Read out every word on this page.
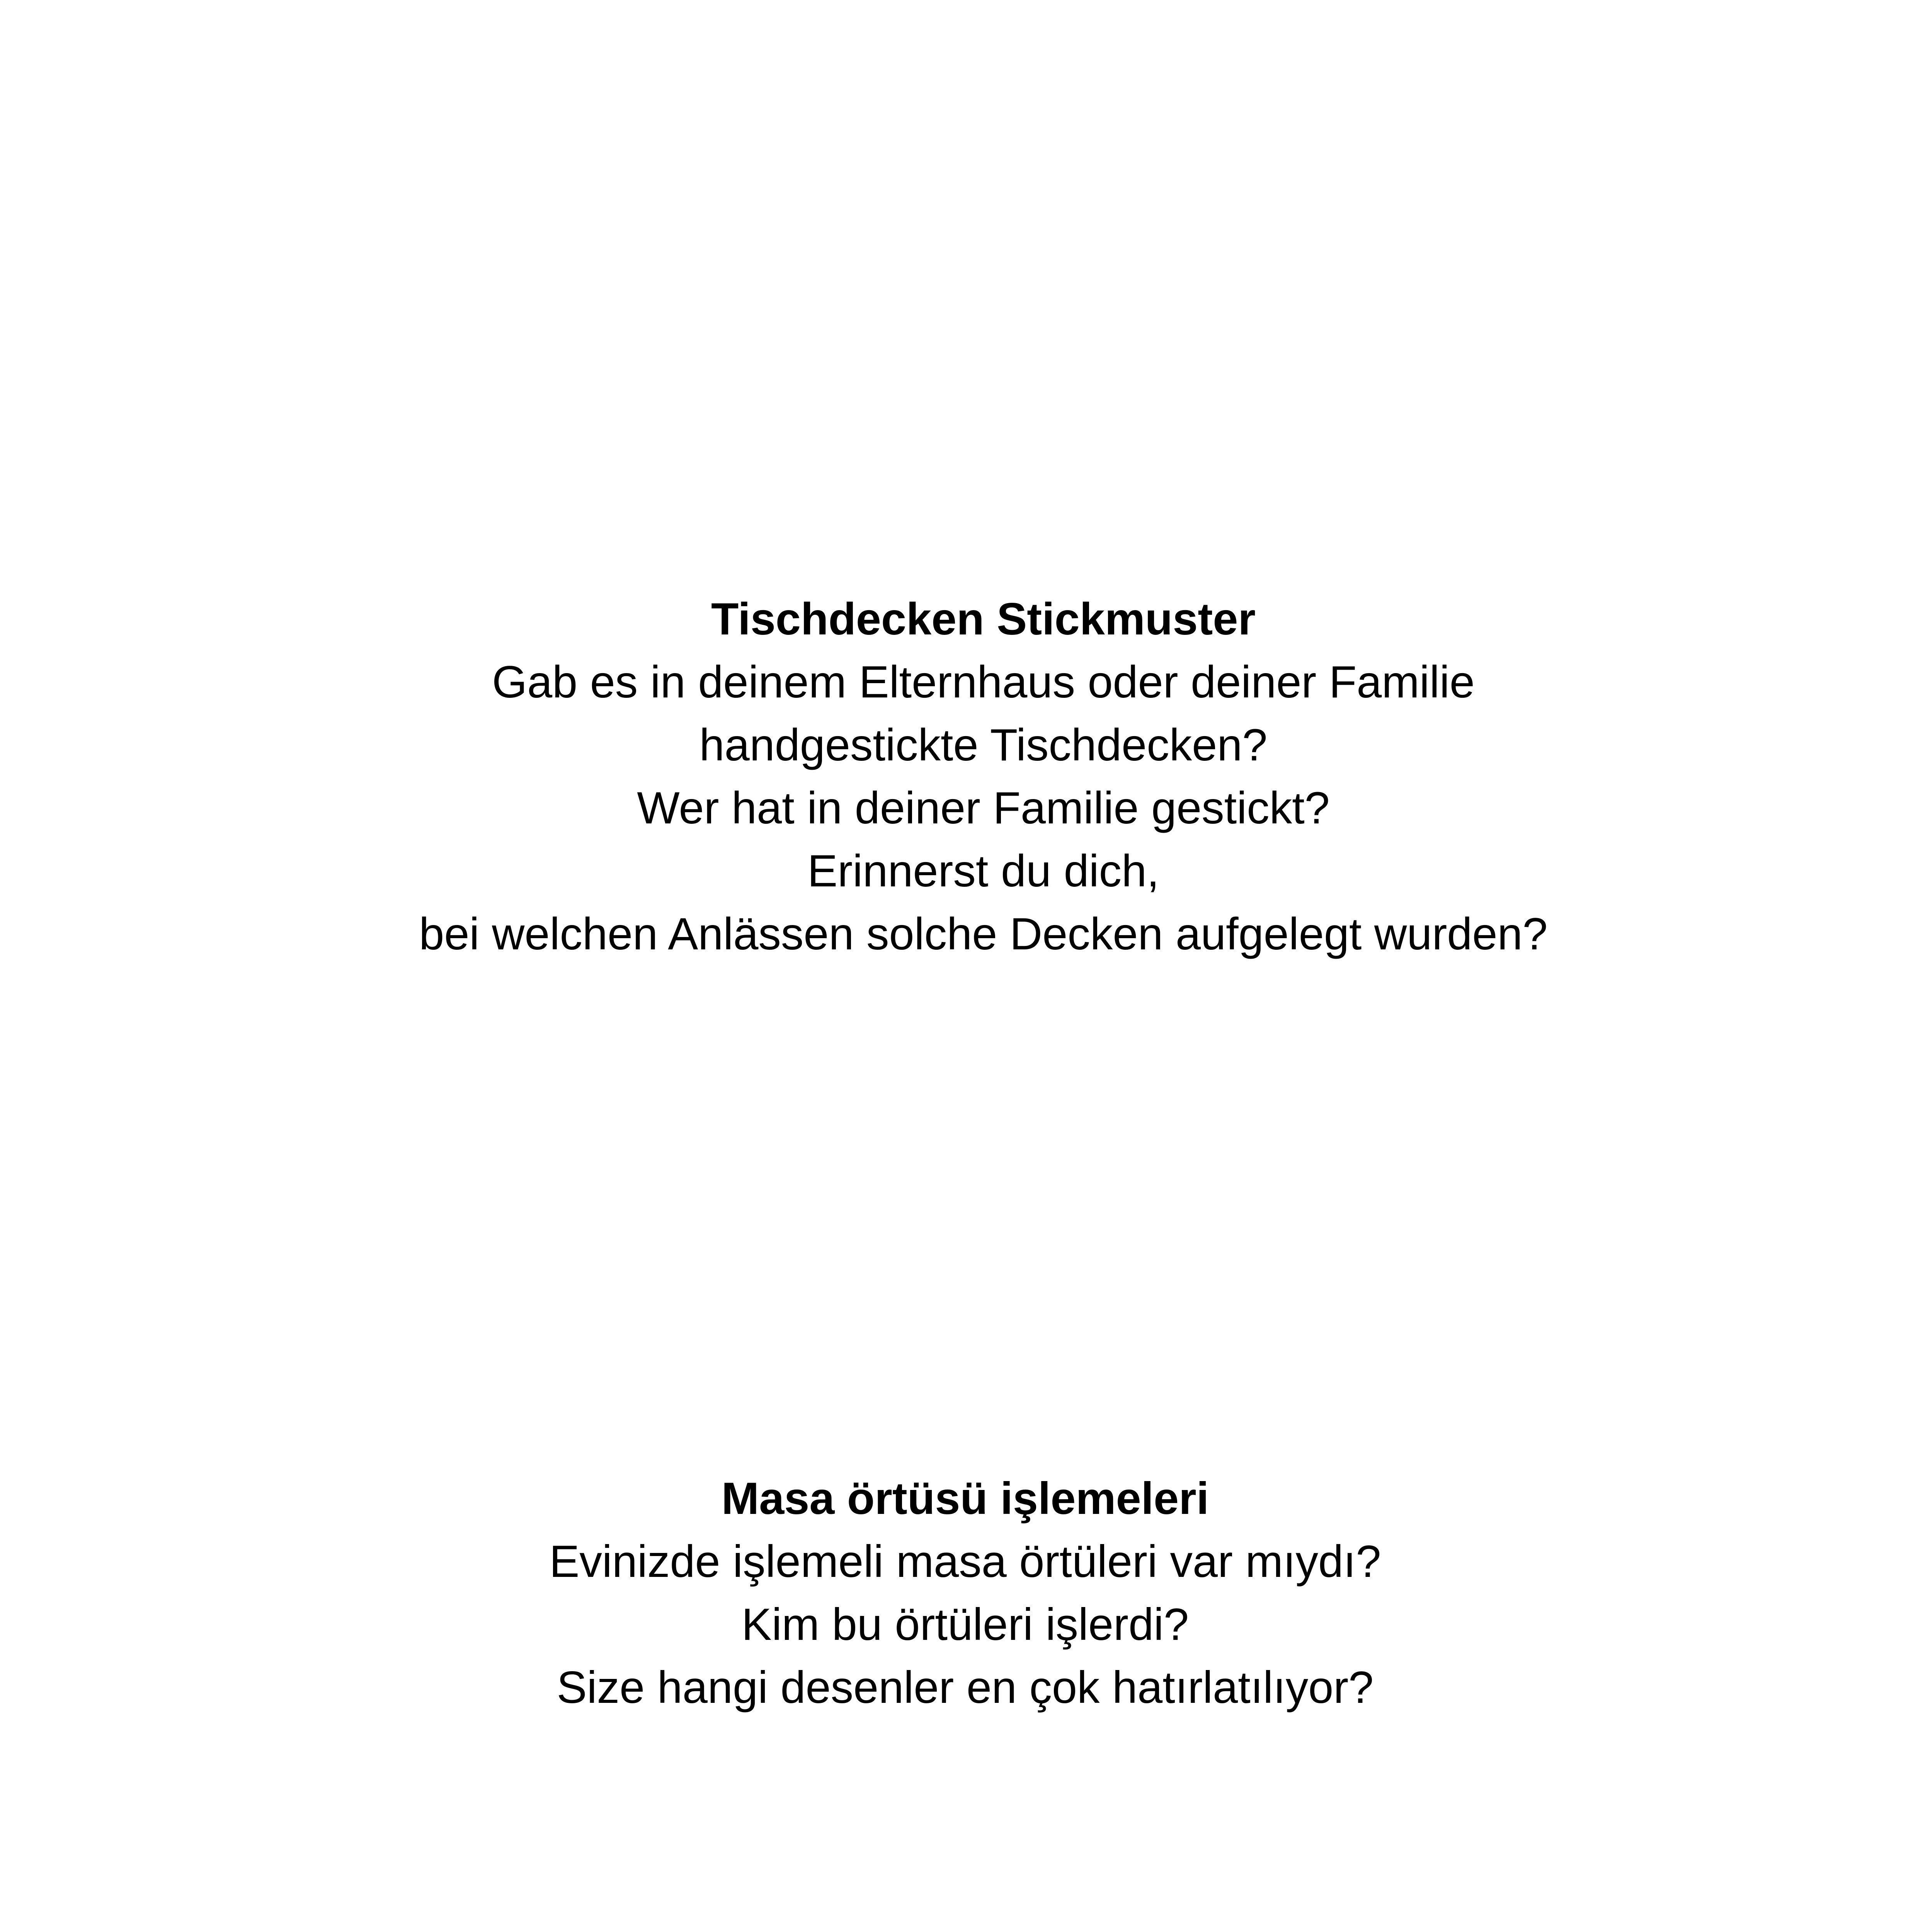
Tischdecken Stickmuster
Gab es in deinem Elternhaus oder deiner Familie
handgestickte Tischdecken?
Wer hat in deiner Familie gestickt?
Erinnerst du dich,
bei welchen Anlässen solche Decken aufgelegt wurden?
Masa örtüsü işlemeleri
Evinizde işlemeli masa örtüleri var mıydı?
Kim bu örtüleri işlerdi?
Size hangi desenler en çok hatırlatılıyor?
